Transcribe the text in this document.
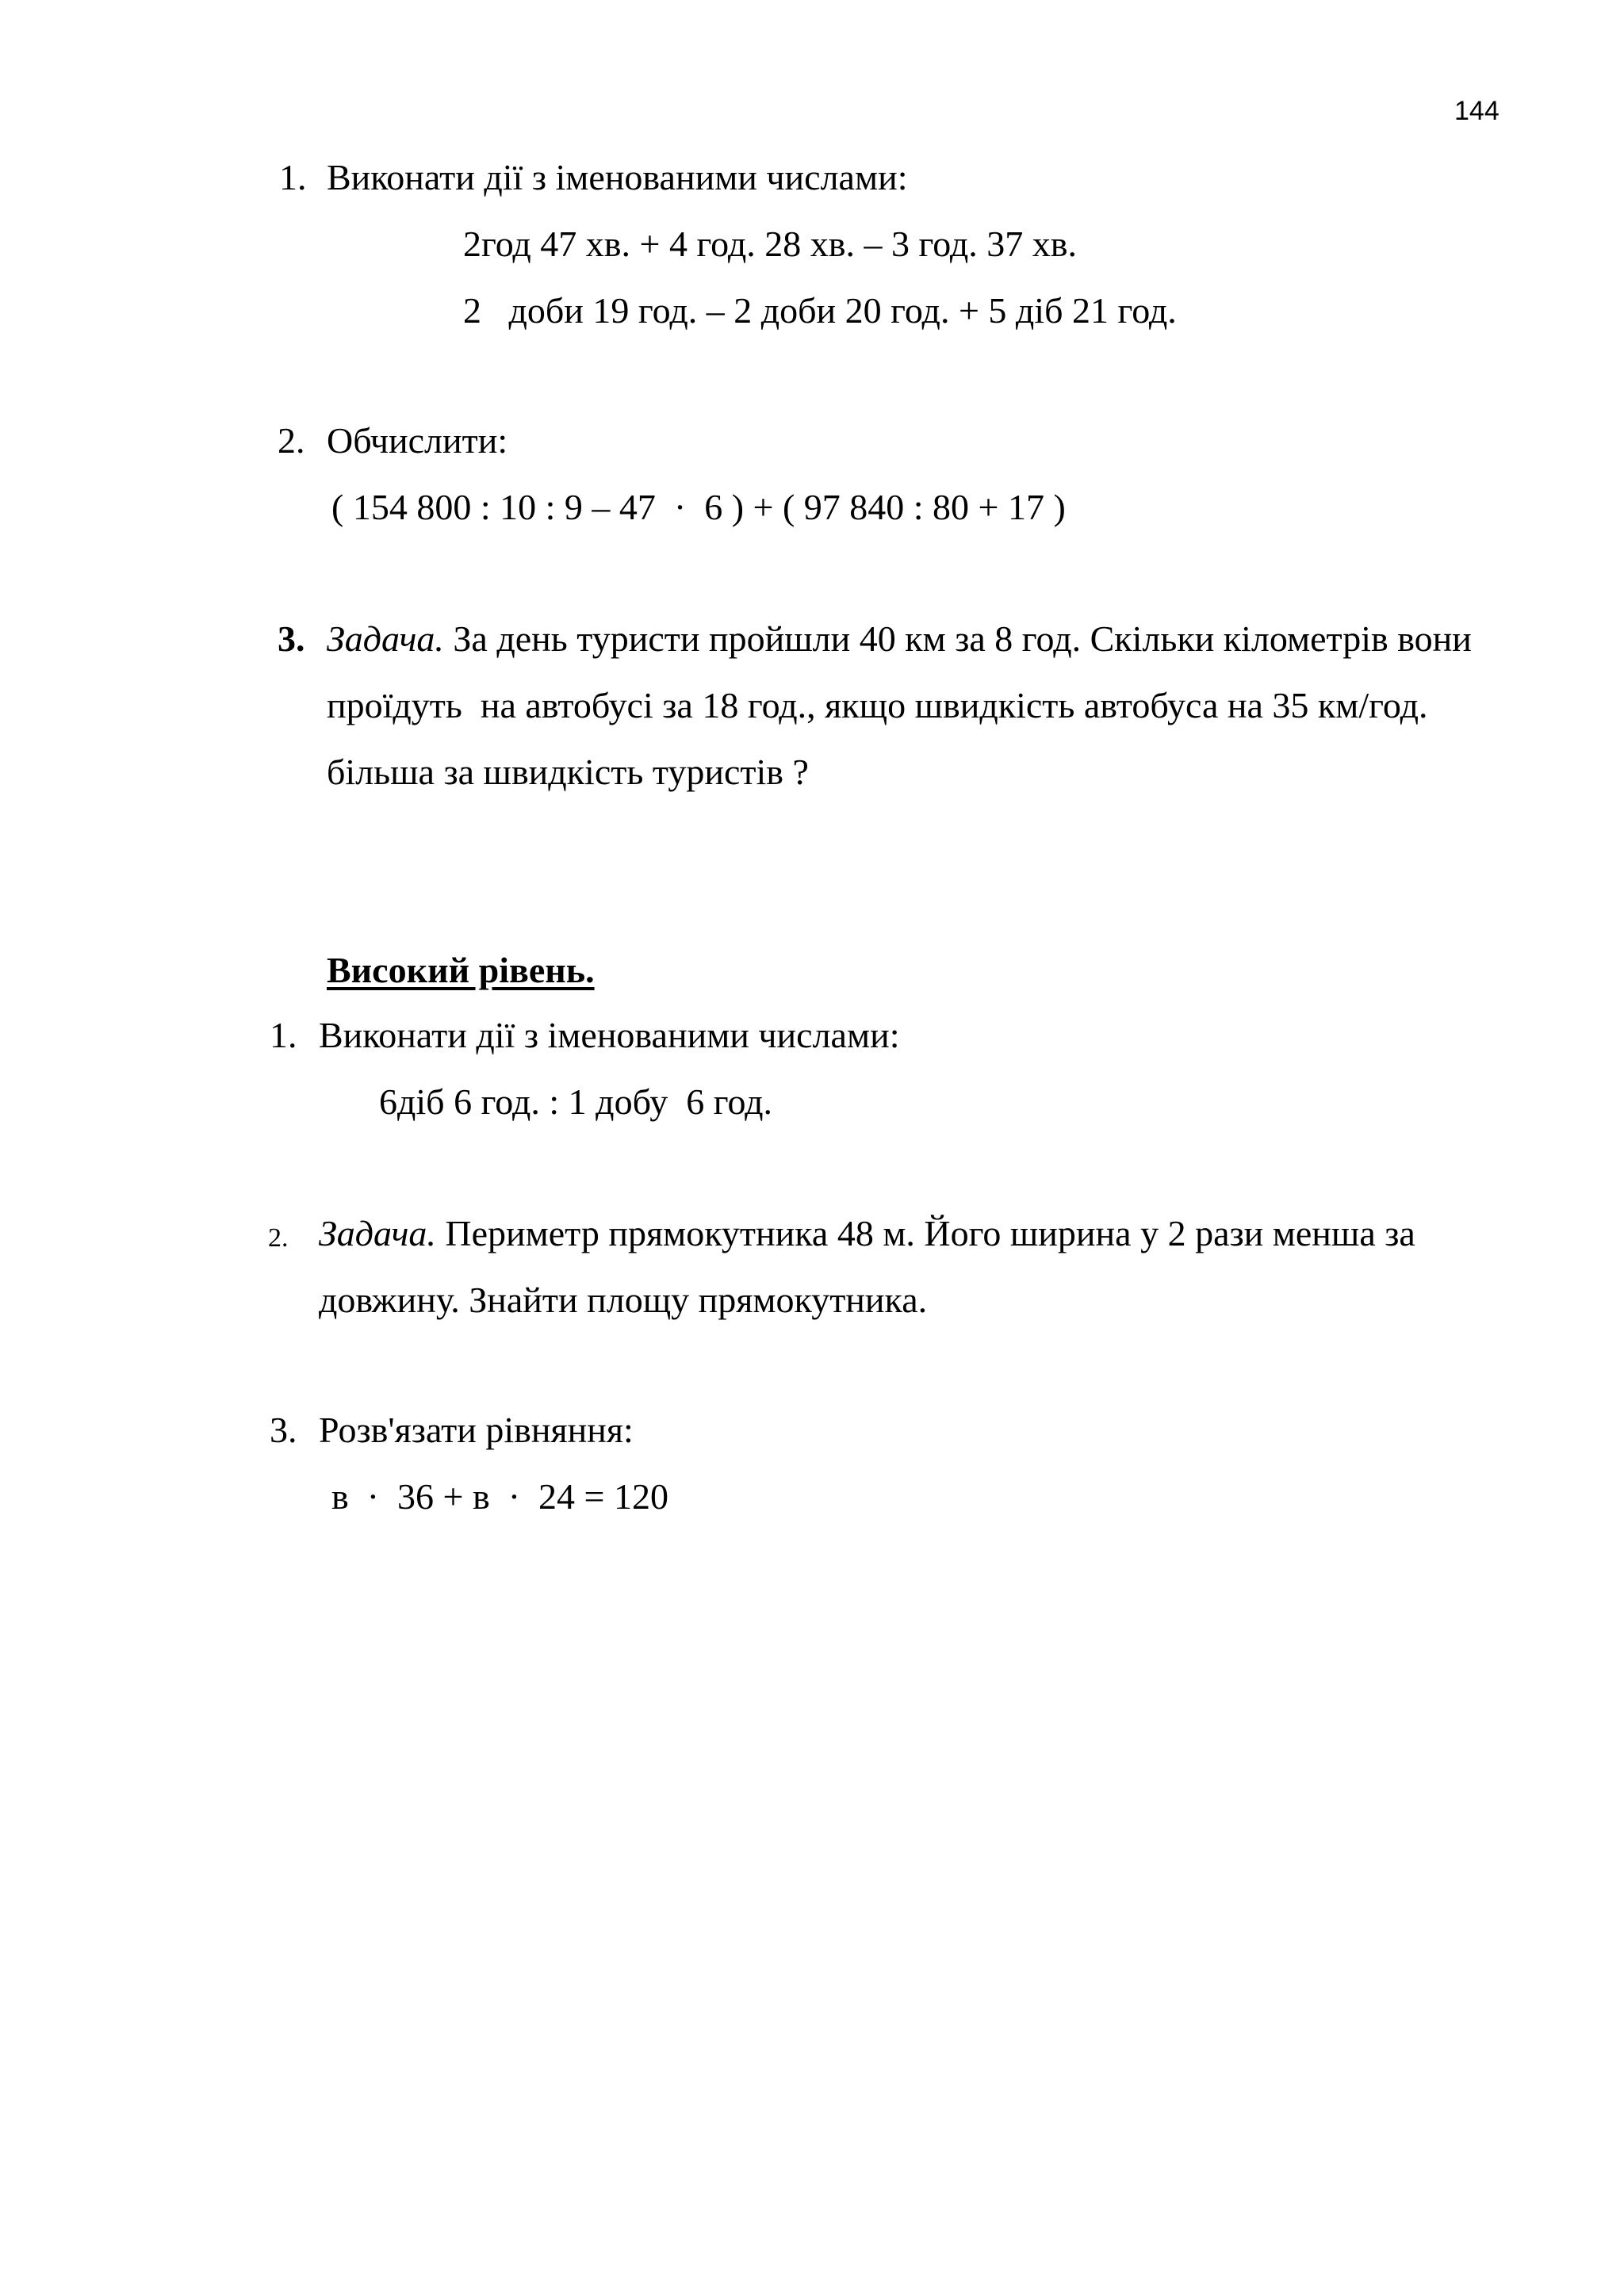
144
1. Виконати дії з іменованими числами:
2год 47 хв. + 4 год. 28 хв. – 3 год. 37 хв.
2   доби 19 год. – 2 доби 20 год. + 5 діб 21 год.
2. Обчислити:
( 154 800 : 10 : 9 – 47  ·  6 ) + ( 97 840 : 80 + 17 )
3. Задача. За день туристи пройшли 40 км за 8 год. Скільки кілометрів вони
проїдуть  на автобусі за 18 год., якщо швидкість автобуса на 35 км/год.
більша за швидкість туристів ?
Високий рівень.
1. Виконати дії з іменованими числами:
6діб 6 год. : 1 добу  6 год.
2. Задача. Периметр прямокутника 48 м. Його ширина у 2 рази менша за
довжину. Знайти площу прямокутника.
3. Розв'язати рівняння:
в  ·  36 + в  ·  24 = 120
